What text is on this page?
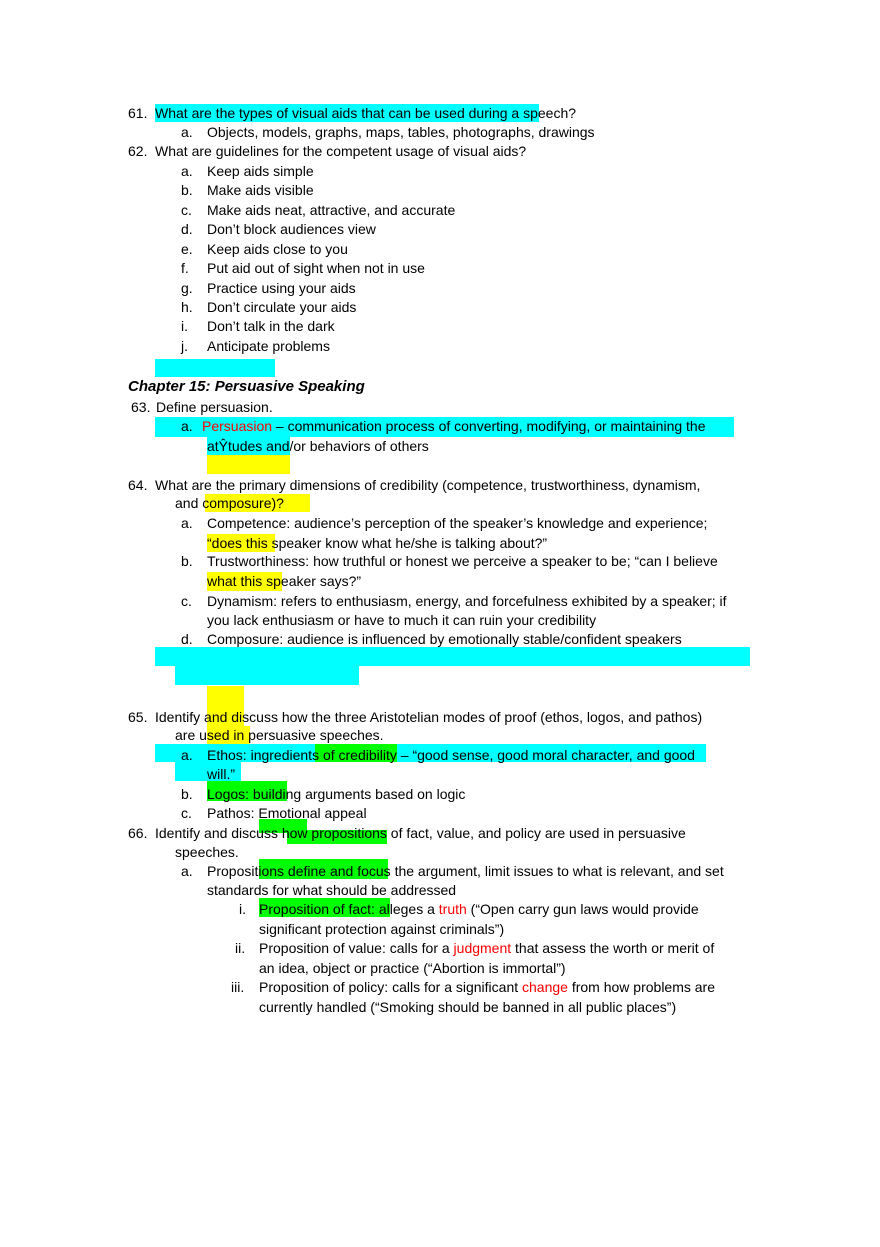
61. What are the types of visual aids that can be used during a speech?
a. Objects, models, graphs, maps, tables, photographs, drawings
62. What are guidelines for the competent usage of visual aids?
a. Keep aids simple
b. Make aids visible
c. Make aids neat, attractive, and accurate
d. Don’t block audiences view
e. Keep aids close to you
f. Put aid out of sight when not in use
g. Practice using your aids
h. Don’t circulate your aids
i. Don’t talk in the dark
j. Anticipate problems
Chapter 15: Persuasive Speaking
63. Define persuasion.
a. Persuasion – communication process of converting, modifying, or maintaining the
atŶtudes and/or behaviors of others
64. What are the primary dimensions of credibility (competence, trustworthiness, dynamism,
and composure)?
a. Competence: audience’s perception of the speaker’s knowledge and experience;
“does this speaker know what he/she is talking about?”
b. Trustworthiness: how truthful or honest we perceive a speaker to be; “can I believe
what this speaker says?”
c. Dynamism: refers to enthusiasm, energy, and forcefulness exhibited by a speaker; if
you lack enthusiasm or have to much it can ruin your credibility
d. Composure: audience is influenced by emotionally stable/confident speakers
65. Identify and discuss how the three Aristotelian modes of proof (ethos, logos, and pathos)
are used in persuasive speeches.
a. Ethos: ingredients of credibility – “good sense, good moral character, and good
will.”
b. Logos: building arguments based on logic
c. Pathos: Emotional appeal
66. Identify and discuss how propositions of fact, value, and policy are used in persuasive
speeches.
a. Propositions define and focus the argument, limit issues to what is relevant, and set
standards for what should be addressed
i. Proposition of fact: alleges a truth (“Open carry gun laws would provide
significant protection against criminals”)
ii. Proposition of value: calls for a judgment that assess the worth or merit of
an idea, object or practice (“Abortion is immortal”)
iii. Proposition of policy: calls for a significant change from how problems are
currently handled (“Smoking should be banned in all public places”)
